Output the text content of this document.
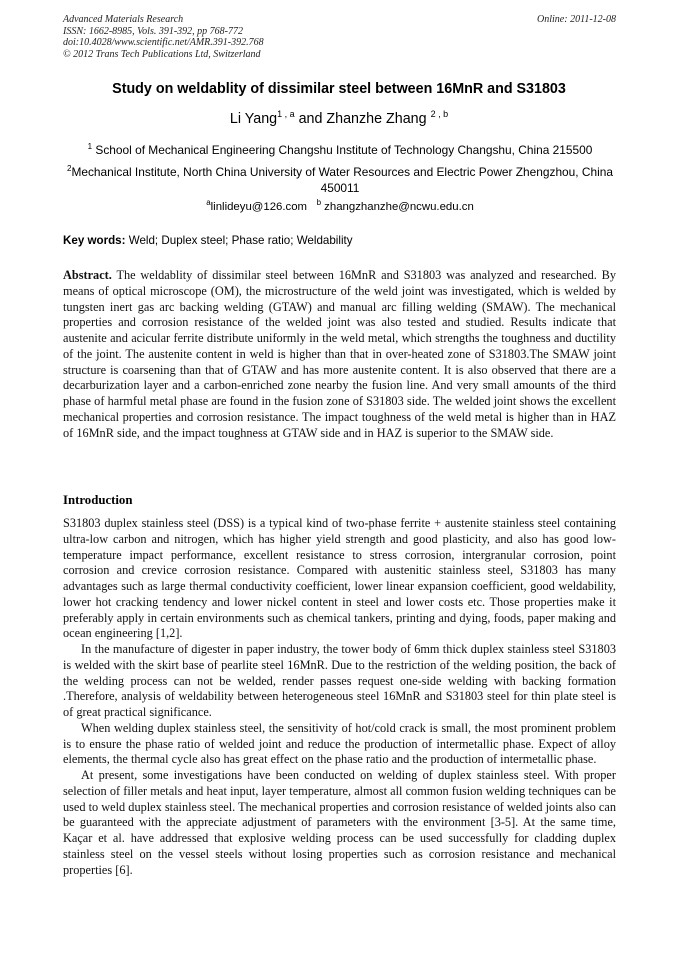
Advanced Materials Research
ISSN: 1662-8985, Vols. 391-392, pp 768-772
doi:10.4028/www.scientific.net/AMR.391-392.768
© 2012 Trans Tech Publications Ltd, Switzerland
Online: 2011-12-08
Study on weldablity of dissimilar steel between 16MnR and S31803
Li Yang$^{1 , a}$ and Zhanzhe Zhang $^{2 , b}$
$^1$ School of Mechanical Engineering Changshu Institute of Technology Changshu, China 215500
$^2$Mechanical Institute, North China University of Water Resources and Electric Power Zhengzhou, China 450011
$^a$linlideyu@126.com $^b$ zhangzhanzhe@ncwu.edu.cn
Key words: Weld; Duplex steel; Phase ratio; Weldability
Abstract. The weldablity of dissimilar steel between 16MnR and S31803 was analyzed and researched. By means of optical microscope (OM), the microstructure of the weld joint was investigated, which is welded by tungsten inert gas arc backing welding (GTAW) and manual arc filling welding (SMAW). The mechanical properties and corrosion resistance of the welded joint was also tested and studied. Results indicate that austenite and acicular ferrite distribute uniformly in the weld metal, which strengths the toughness and ductility of the joint. The austenite content in weld is higher than that in over-heated zone of S31803.The SMAW joint structure is coarsening than that of GTAW and has more austenite content. It is also observed that there are a decarburization layer and a carbon-enriched zone nearby the fusion line. And very small amounts of the third phase of harmful metal phase are found in the fusion zone of S31803 side. The welded joint shows the excellent mechanical properties and corrosion resistance. The impact toughness of the weld metal is higher than in HAZ of 16MnR side, and the impact toughness at GTAW side and in HAZ is superior to the SMAW side.
Introduction

S31803 duplex stainless steel (DSS) is a typical kind of two-phase ferrite + austenite stainless steel containing ultra-low carbon and nitrogen, which has higher yield strength and good plasticity, and also has good low-temperature impact performance, excellent resistance to stress corrosion, intergranular corrosion, point corrosion and crevice corrosion resistance. Compared with austenitic stainless steel, S31803 has many advantages such as large thermal conductivity coefficient, lower linear expansion coefficient, good weldability, lower hot cracking tendency and lower nickel content in steel and lower costs etc. Those properties make it preferably apply in certain environments such as chemical tankers, printing and dying, foods, paper making and ocean engineering [1,2].

In the manufacture of digester in paper industry, the tower body of 6mm thick duplex stainless steel S31803 is welded with the skirt base of pearlite steel 16MnR. Due to the restriction of the welding position, the back of the welding process can not be welded, render passes request one-side welding with backing formation .Therefore, analysis of weldability between heterogeneous steel 16MnR and S31803 steel for thin plate steel is of great practical significance.

When welding duplex stainless steel, the sensitivity of hot/cold crack is small, the most prominent problem is to ensure the phase ratio of welded joint and reduce the production of intermetallic phase. Expect of alloy elements, the thermal cycle also has great effect on the phase ratio and the production of intermetallic phase.

At present, some investigations have been conducted on welding of duplex stainless steel. With proper selection of filler metals and heat input, layer temperature, almost all common fusion welding techniques can be used to weld duplex stainless steel. The mechanical properties and corrosion resistance of welded joints also can be guaranteed with the appreciate adjustment of parameters with the environment [3-5]. At the same time, Kaçar et al. have addressed that explosive welding process can be used successfully for cladding duplex stainless steel on the vessel steels without losing properties such as corrosion resistance and mechanical properties [6].
